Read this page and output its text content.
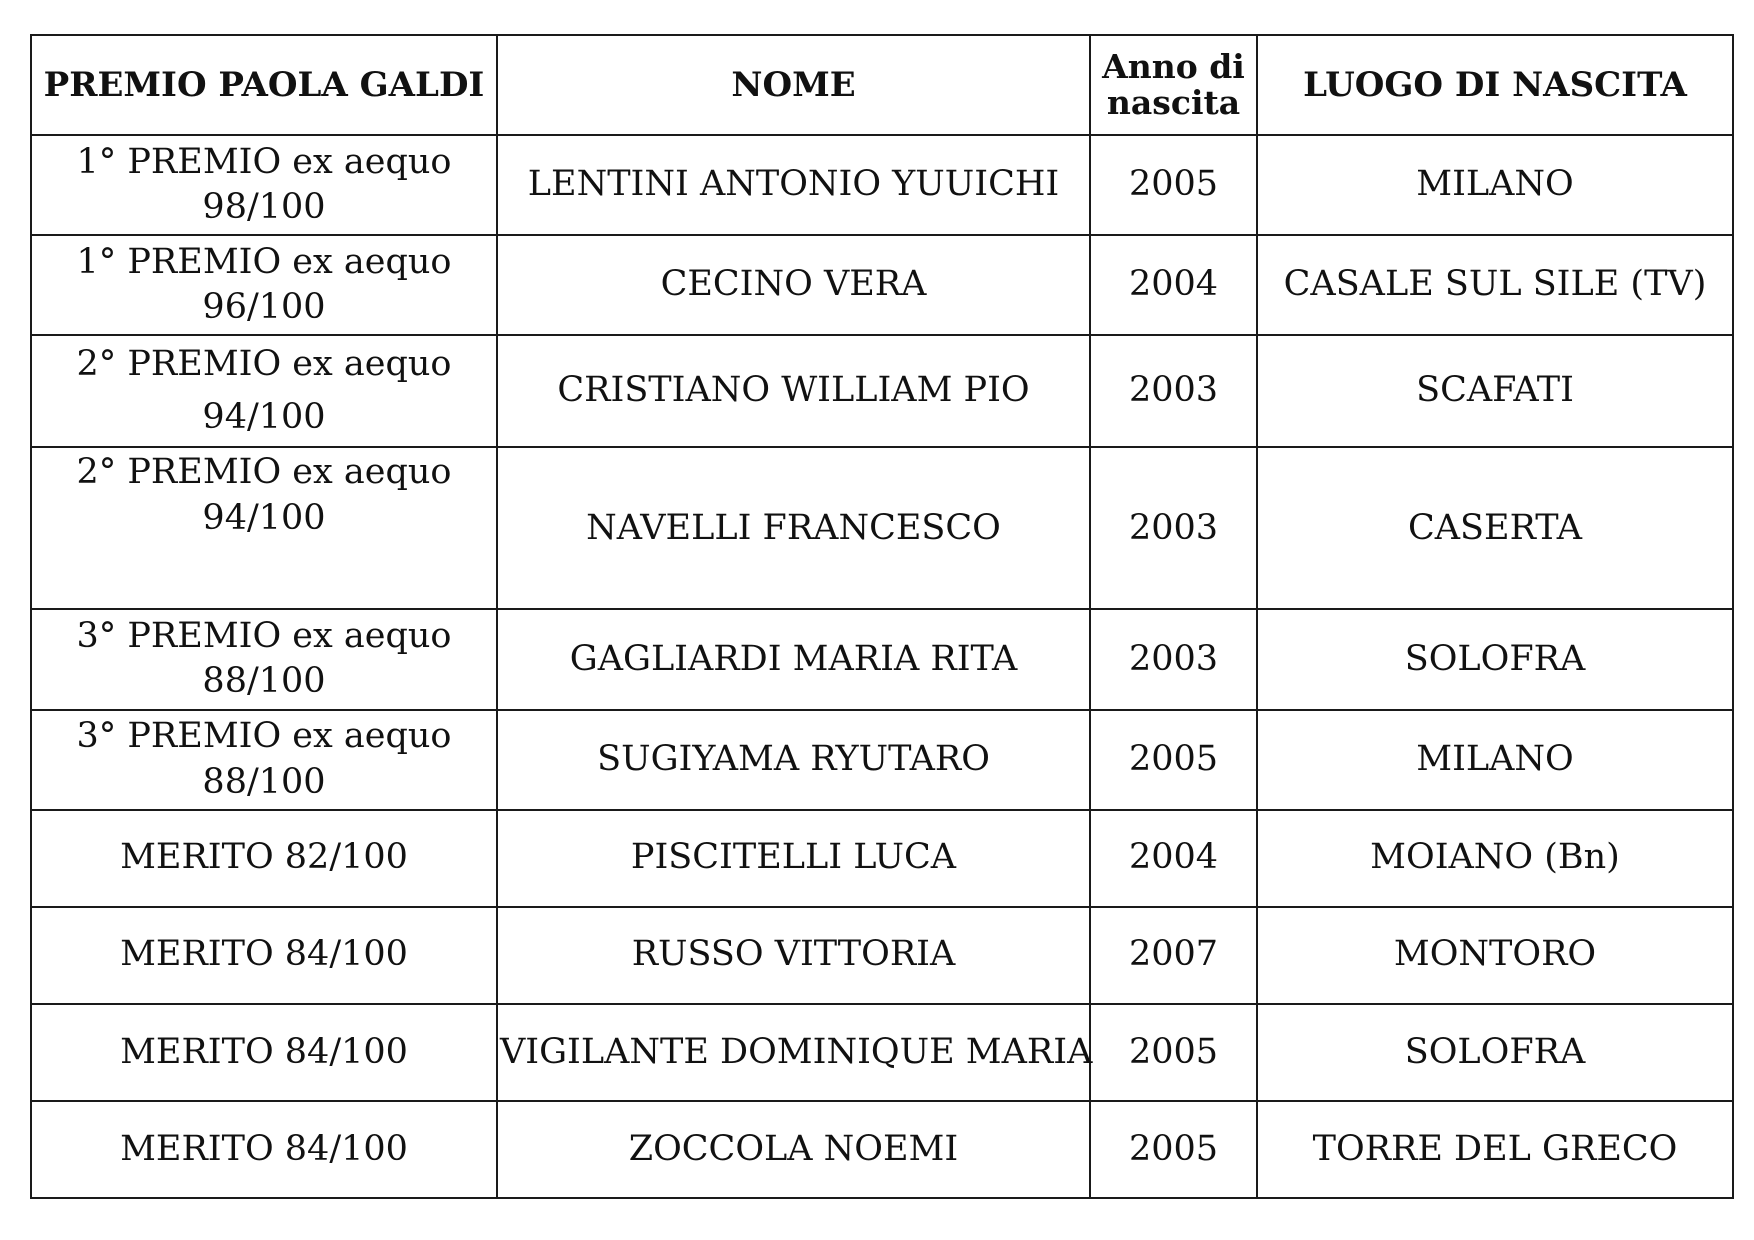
PREMIO PAOLA GALDI	NOME	Anno di nascita	LUOGO DI NASCITA

1° PREMIO ex aequo
98/100	LENTINI ANTONIO YUUICHI	2005	MILANO

1° PREMIO ex aequo
96/100	CECINO VERA	2004	CASALE SUL SILE (TV)

2° PREMIO ex aequo
94/100	CRISTIANO WILLIAM PIO	2003	SCAFATI

2° PREMIO ex aequo
94/100	NAVELLI FRANCESCO	2003	CASERTA

3° PREMIO ex aequo
88/100	GAGLIARDI MARIA RITA	2003	SOLOFRA

3° PREMIO ex aequo
88/100	SUGIYAMA RYUTARO	2005	MILANO
MERITO 82/100	PISCITELLI LUCA	2004	MOIANO (Bn)
MERITO 84/100	RUSSO VITTORIA	2007	MONTORO
MERITO 84/100	VIGILANTE DOMINIQUE MARIA	2005	SOLOFRA
MERITO 84/100	ZOCCOLA NOEMI	2005	TORRE DEL GRECO
